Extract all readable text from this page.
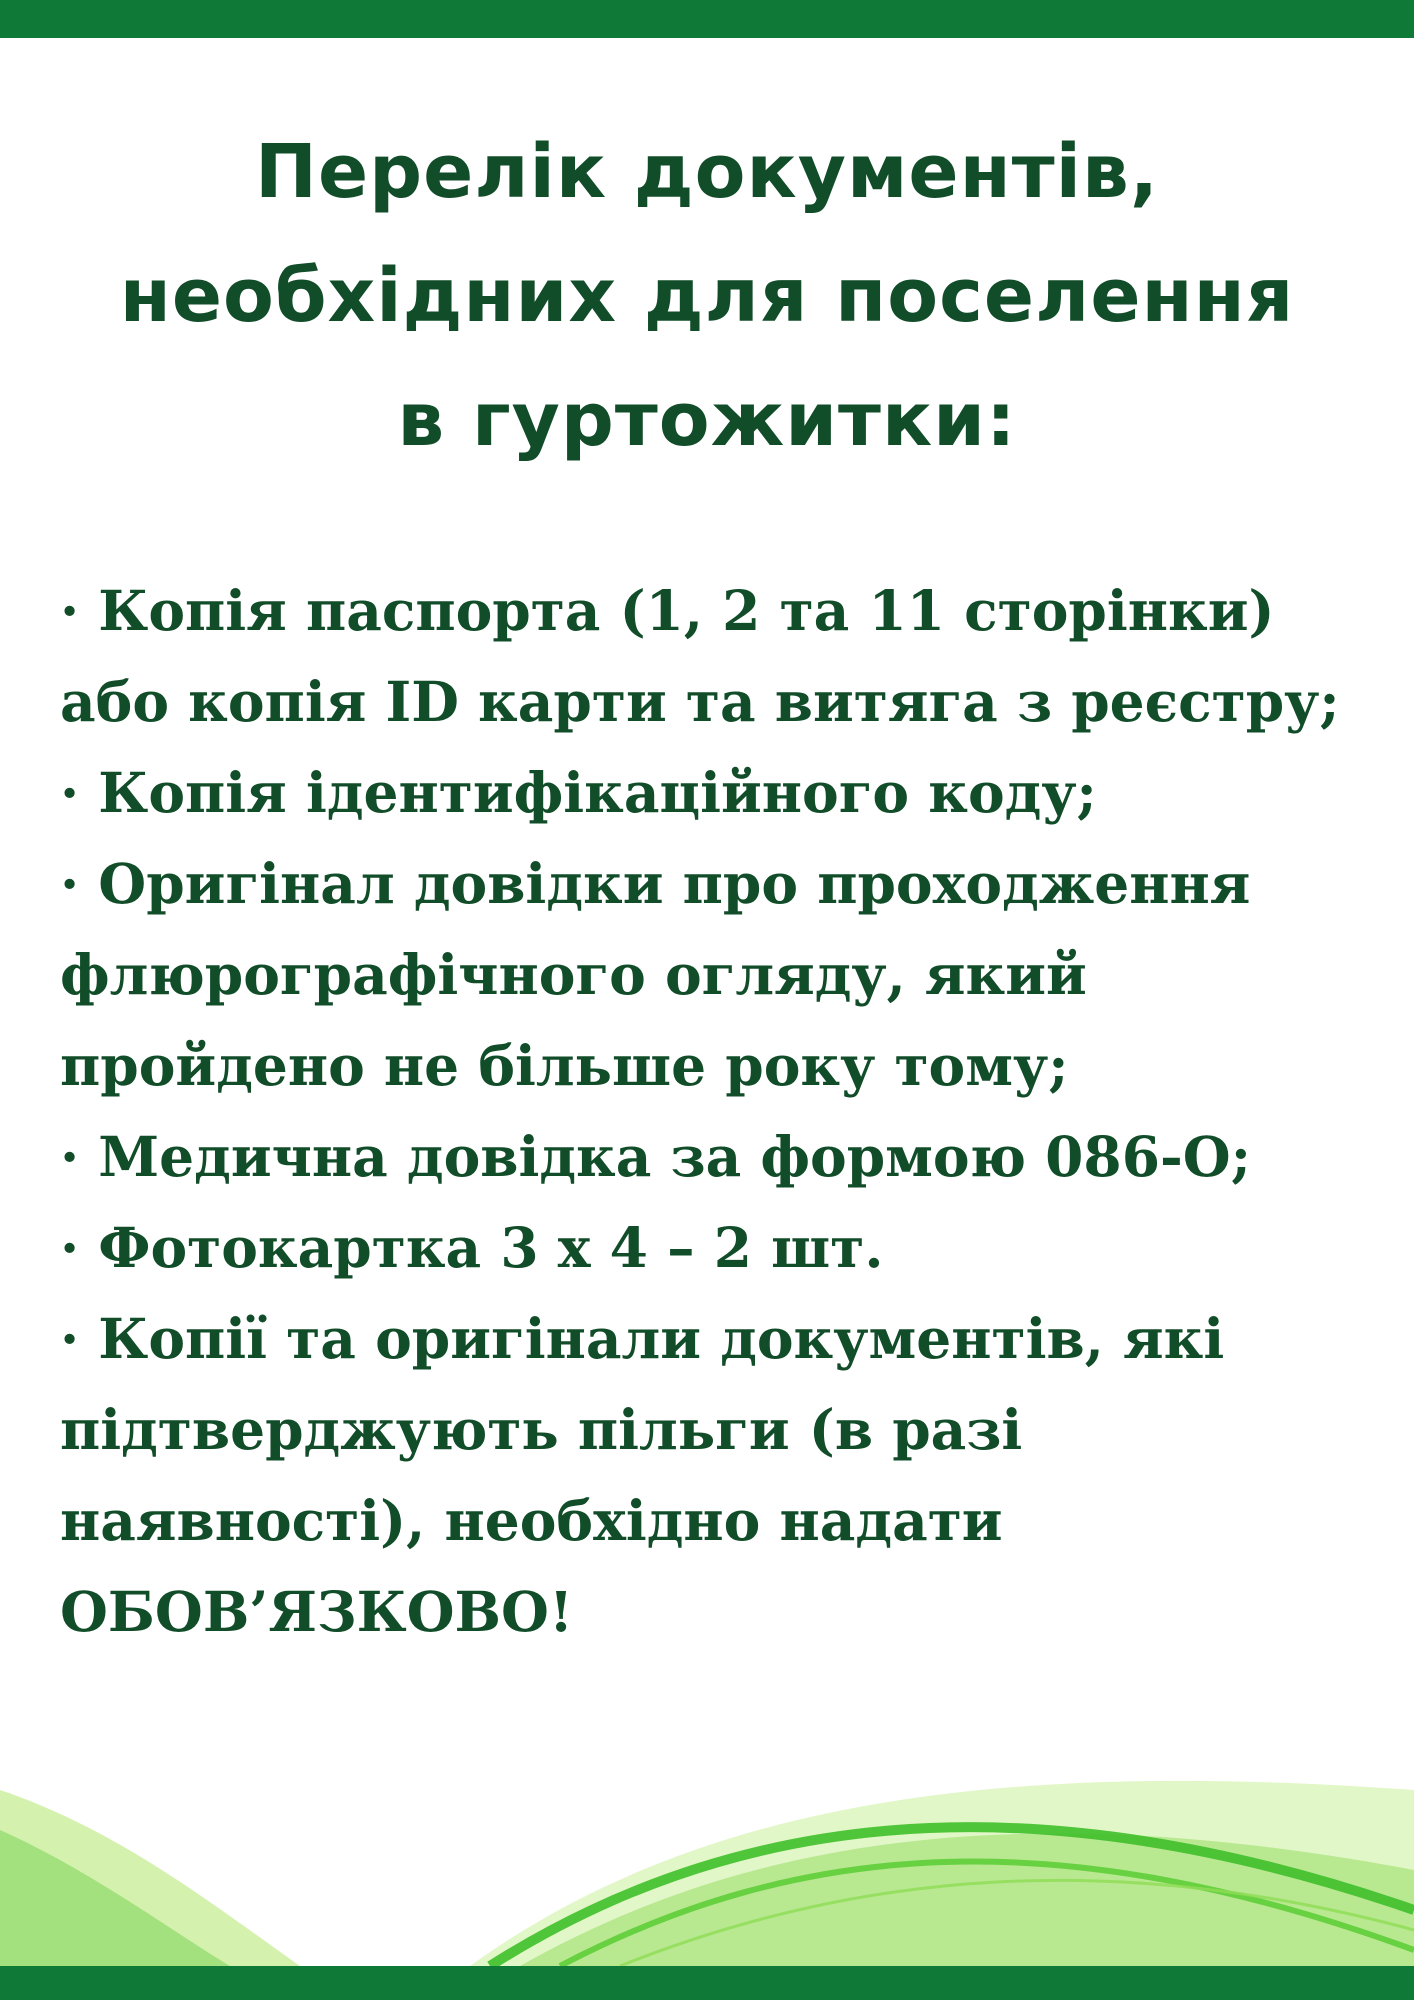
Перелік документів,
необхідних для поселення
в гуртожитки:
· Копія паспорта (1, 2 та 11 сторінки)
або копія ID карти та витяга з реєстру;
· Копія ідентифікаційного коду;
· Оригінал довідки про проходження
флюрографічного огляду, який
пройдено не більше року тому;
· Медична довідка за формою 086-О;
· Фотокартка 3 х 4 – 2 шт.
· Копії та оригінали документів, які
підтверджують пільги (в разі
наявності), необхідно надати
ОБОВ’ЯЗКОВО!
